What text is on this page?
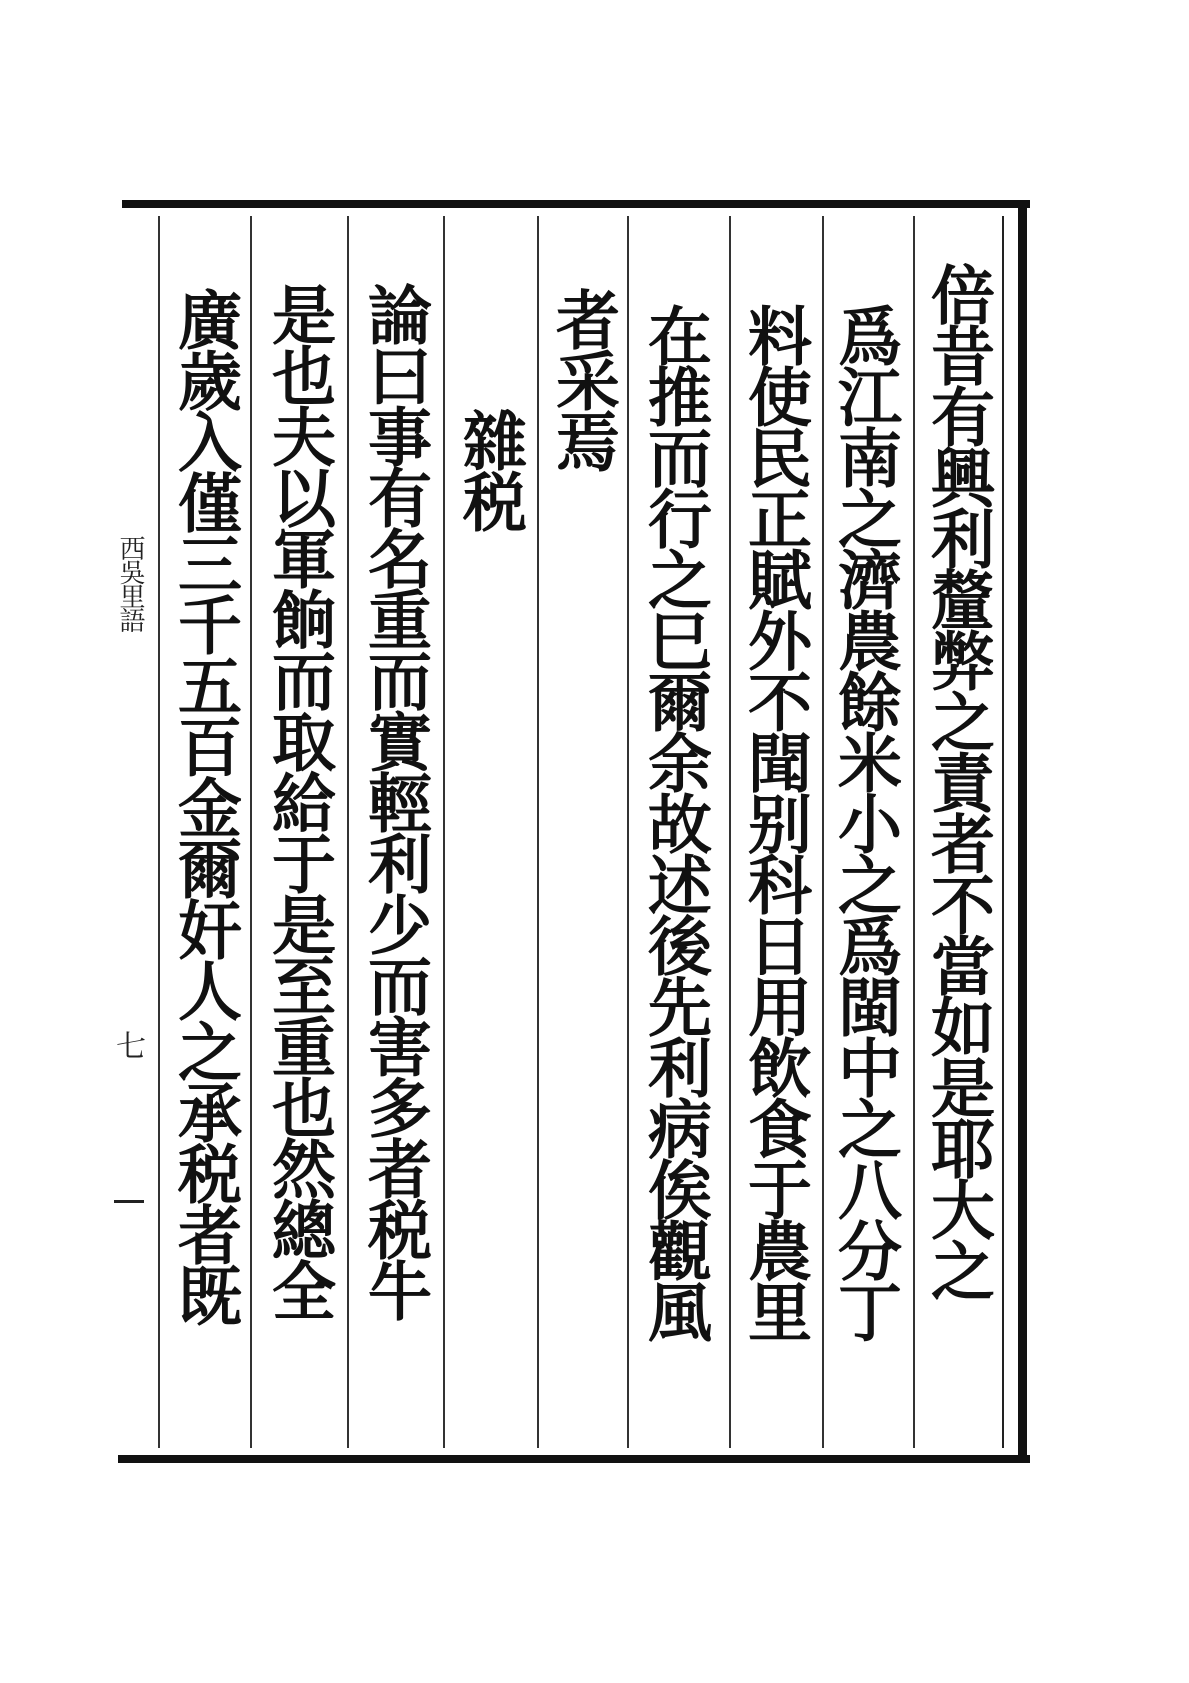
倍昔有興利釐弊之責者不當如是耶大之
爲江南之濟農餘米小之爲閩中之八分丁
料使民正賦外不聞别科日用飲食于農里
在推而行之巳爾余故述後先利病俟觀風
者采焉
雜税
論曰事有名重而實輕利少而害多者税牛
是也夫以軍餉而取給于是至重也然總全
廣歲入僅三千五百金爾奸人之承税者既
西吳里語
七
